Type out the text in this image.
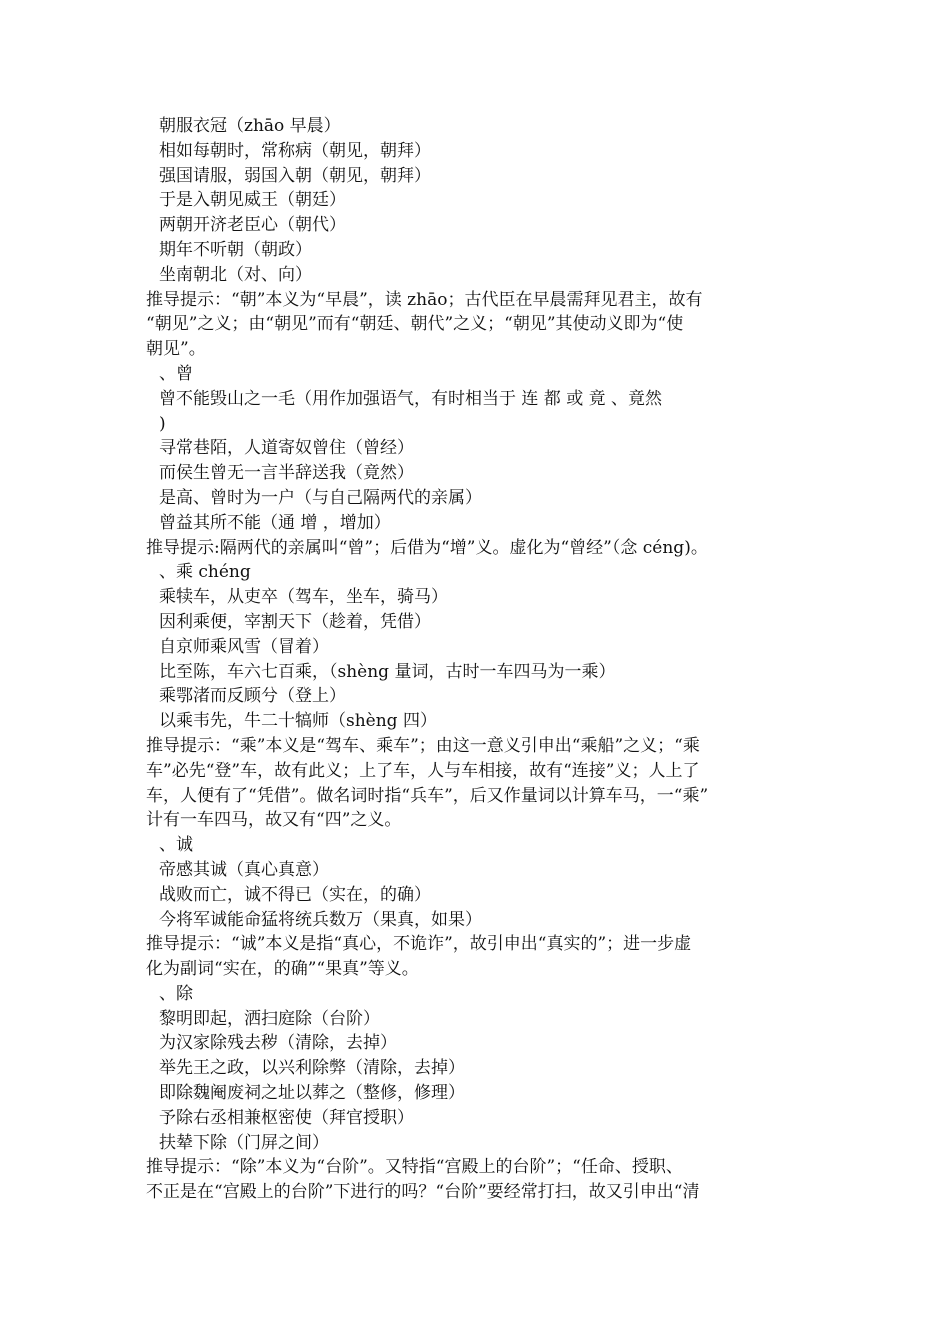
朝服衣冠（zhāo 早晨）
相如每朝时，常称病（朝见，朝拜）
强国请服，弱国入朝（朝见，朝拜）
于是入朝见威王（朝廷）
两朝开济老臣心（朝代）
期年不听朝（朝政）
坐南朝北（对、向）
推导提示：“朝”本义为“早晨”，读 zhāo；古代臣在早晨需拜见君主，故有
“朝见”之义；由“朝见”而有“朝廷、朝代”之义；“朝见”其使动义即为“使
朝见”。
、曾
曾不能毁山之一毛（用作加强语气，有时相当于 连 都 或 竟 、竟然
)
寻常巷陌，人道寄奴曾住（曾经）
而侯生曾无一言半辞送我（竟然）
是高、曾时为一户（与自己隔两代的亲属）
曾益其所不能（通 增 ，增加）
推导提示:隔两代的亲属叫“曾”；后借为“增”义。虚化为“曾经”（念 céng)。
、乘 chéng
乘犊车，从吏卒（驾车，坐车，骑马）
因利乘便，宰割天下（趁着，凭借）
自京师乘风雪（冒着）
比至陈，车六七百乘，（shèng 量词，古时一车四马为一乘）
乘鄂渚而反顾兮（登上）
以乘韦先，牛二十犒师（shèng 四）
推导提示：“乘”本义是“驾车、乘车”；由这一意义引申出“乘船”之义；“乘
车”必先“登”车，故有此义；上了车，人与车相接，故有“连接”义；人上了
车，人便有了“凭借”。做名词时指“兵车”，后又作量词以计算车马，一“乘”
计有一车四马，故又有“四”之义。
、诚
帝感其诚（真心真意）
战败而亡，诚不得已（实在，的确）
今将军诚能命猛将统兵数万（果真，如果）
推导提示：“诚”本义是指“真心，不诡诈”，故引申出“真实的”；进一步虚
化为副词“实在，的确”“果真”等义。
、除
黎明即起，洒扫庭除（台阶）
为汉家除残去秽（清除，去掉）
举先王之政，以兴利除弊（清除，去掉）
即除魏阉废祠之址以葬之（整修，修理）
予除右丞相兼枢密使（拜官授职）
扶辇下除（门屏之间）
推导提示：“除”本义为“台阶”。又特指“宫殿上的台阶”；“任命、授职、
不正是在“宫殿上的台阶”下进行的吗？“台阶”要经常打扫，故又引申出“清
